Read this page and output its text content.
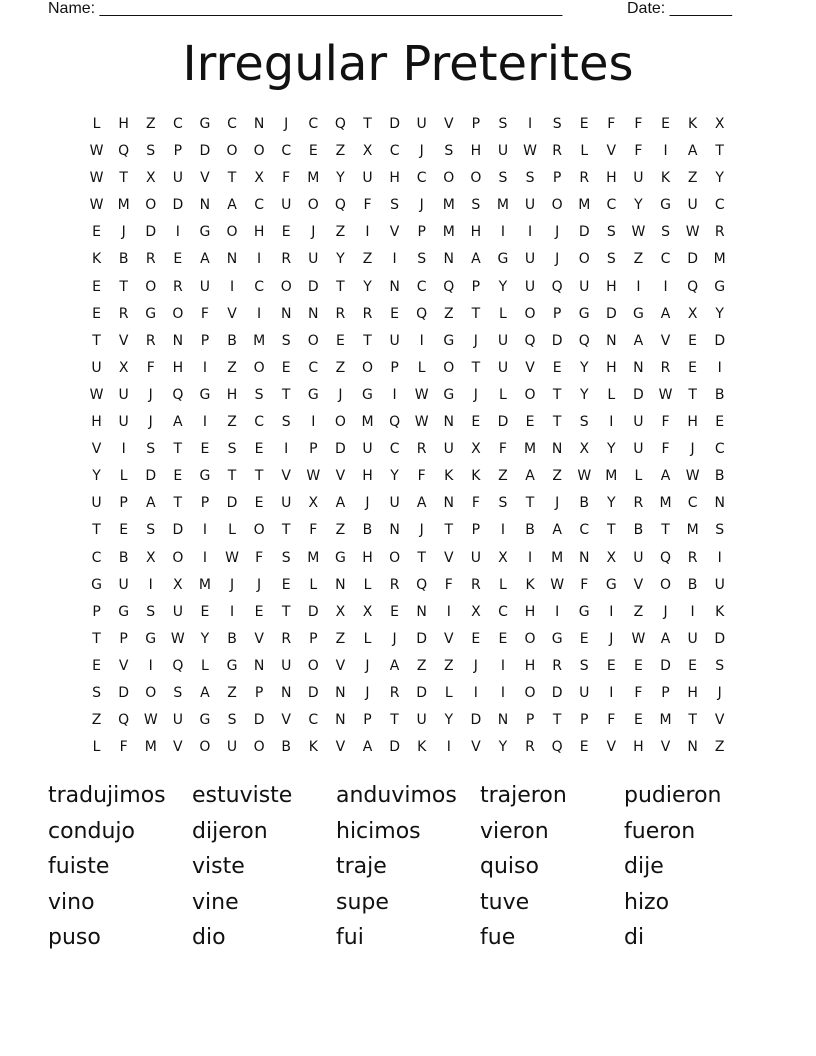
Name: ____________________________________________________	Date: _______
Irregular Preterites
L	H	Z	C	G	C	N	J	C	Q	T	D	U	V	P	S	I	S	E	F	F	E	K	X
W	Q	S	P	D	O	O	C	E	Z	X	C	J	S	H	U	W	R	L	V	F	I	A	T
W	T	X	U	V	T	X	F	M	Y	U	H	C	O	O	S	S	P	R	H	U	K	Z	Y
W	M	O	D	N	A	C	U	O	Q	F	S	J	M	S	M	U	O	M	C	Y	G	U	C
E	J	D	I	G	O	H	E	J	Z	I	V	P	M	H	I	I	J	D	S	W	S	W	R
K	B	R	E	A	N	I	R	U	Y	Z	I	S	N	A	G	U	J	O	S	Z	C	D	M
E	T	O	R	U	I	C	O	D	T	Y	N	C	Q	P	Y	U	Q	U	H	I	I	Q	G
E	R	G	O	F	V	I	N	N	R	R	E	Q	Z	T	L	O	P	G	D	G	A	X	Y
T	V	R	N	P	B	M	S	O	E	T	U	I	G	J	U	Q	D	Q	N	A	V	E	D
U	X	F	H	I	Z	O	E	C	Z	O	P	L	O	T	U	V	E	Y	H	N	R	E	I
W	U	J	Q	G	H	S	T	G	J	G	I	W	G	J	L	O	T	Y	L	D	W	T	B
H	U	J	A	I	Z	C	S	I	O	M	Q	W	N	E	D	E	T	S	I	U	F	H	E
V	I	S	T	E	S	E	I	P	D	U	C	R	U	X	F	M	N	X	Y	U	F	J	C
Y	L	D	E	G	T	T	V	W	V	H	Y	F	K	K	Z	A	Z	W	M	L	A	W	B
U	P	A	T	P	D	E	U	X	A	J	U	A	N	F	S	T	J	B	Y	R	M	C	N
T	E	S	D	I	L	O	T	F	Z	B	N	J	T	P	I	B	A	C	T	B	T	M	S
C	B	X	O	I	W	F	S	M	G	H	O	T	V	U	X	I	M	N	X	U	Q	R	I
G	U	I	X	M	J	J	E	L	N	L	R	Q	F	R	L	K	W	F	G	V	O	B	U
P	G	S	U	E	I	E	T	D	X	X	E	N	I	X	C	H	I	G	I	Z	J	I	K
T	P	G	W	Y	B	V	R	P	Z	L	J	D	V	E	E	O	G	E	J	W	A	U	D
E	V	I	Q	L	G	N	U	O	V	J	A	Z	Z	J	I	H	R	S	E	E	D	E	S
S	D	O	S	A	Z	P	N	D	N	J	R	D	L	I	I	O	D	U	I	F	P	H	J
Z	Q	W	U	G	S	D	V	C	N	P	T	U	Y	D	N	P	T	P	F	E	M	T	V
L	F	M	V	O	U	O	B	K	V	A	D	K	I	V	Y	R	Q	E	V	H	V	N	Z
tradujimos	estuviste	anduvimos	trajeron	pudieron
condujo	dijeron	hicimos	vieron	fueron
fuiste	viste	traje	quiso	dije
vino	vine	supe	tuve	hizo
puso	dio	fui	fue	di
